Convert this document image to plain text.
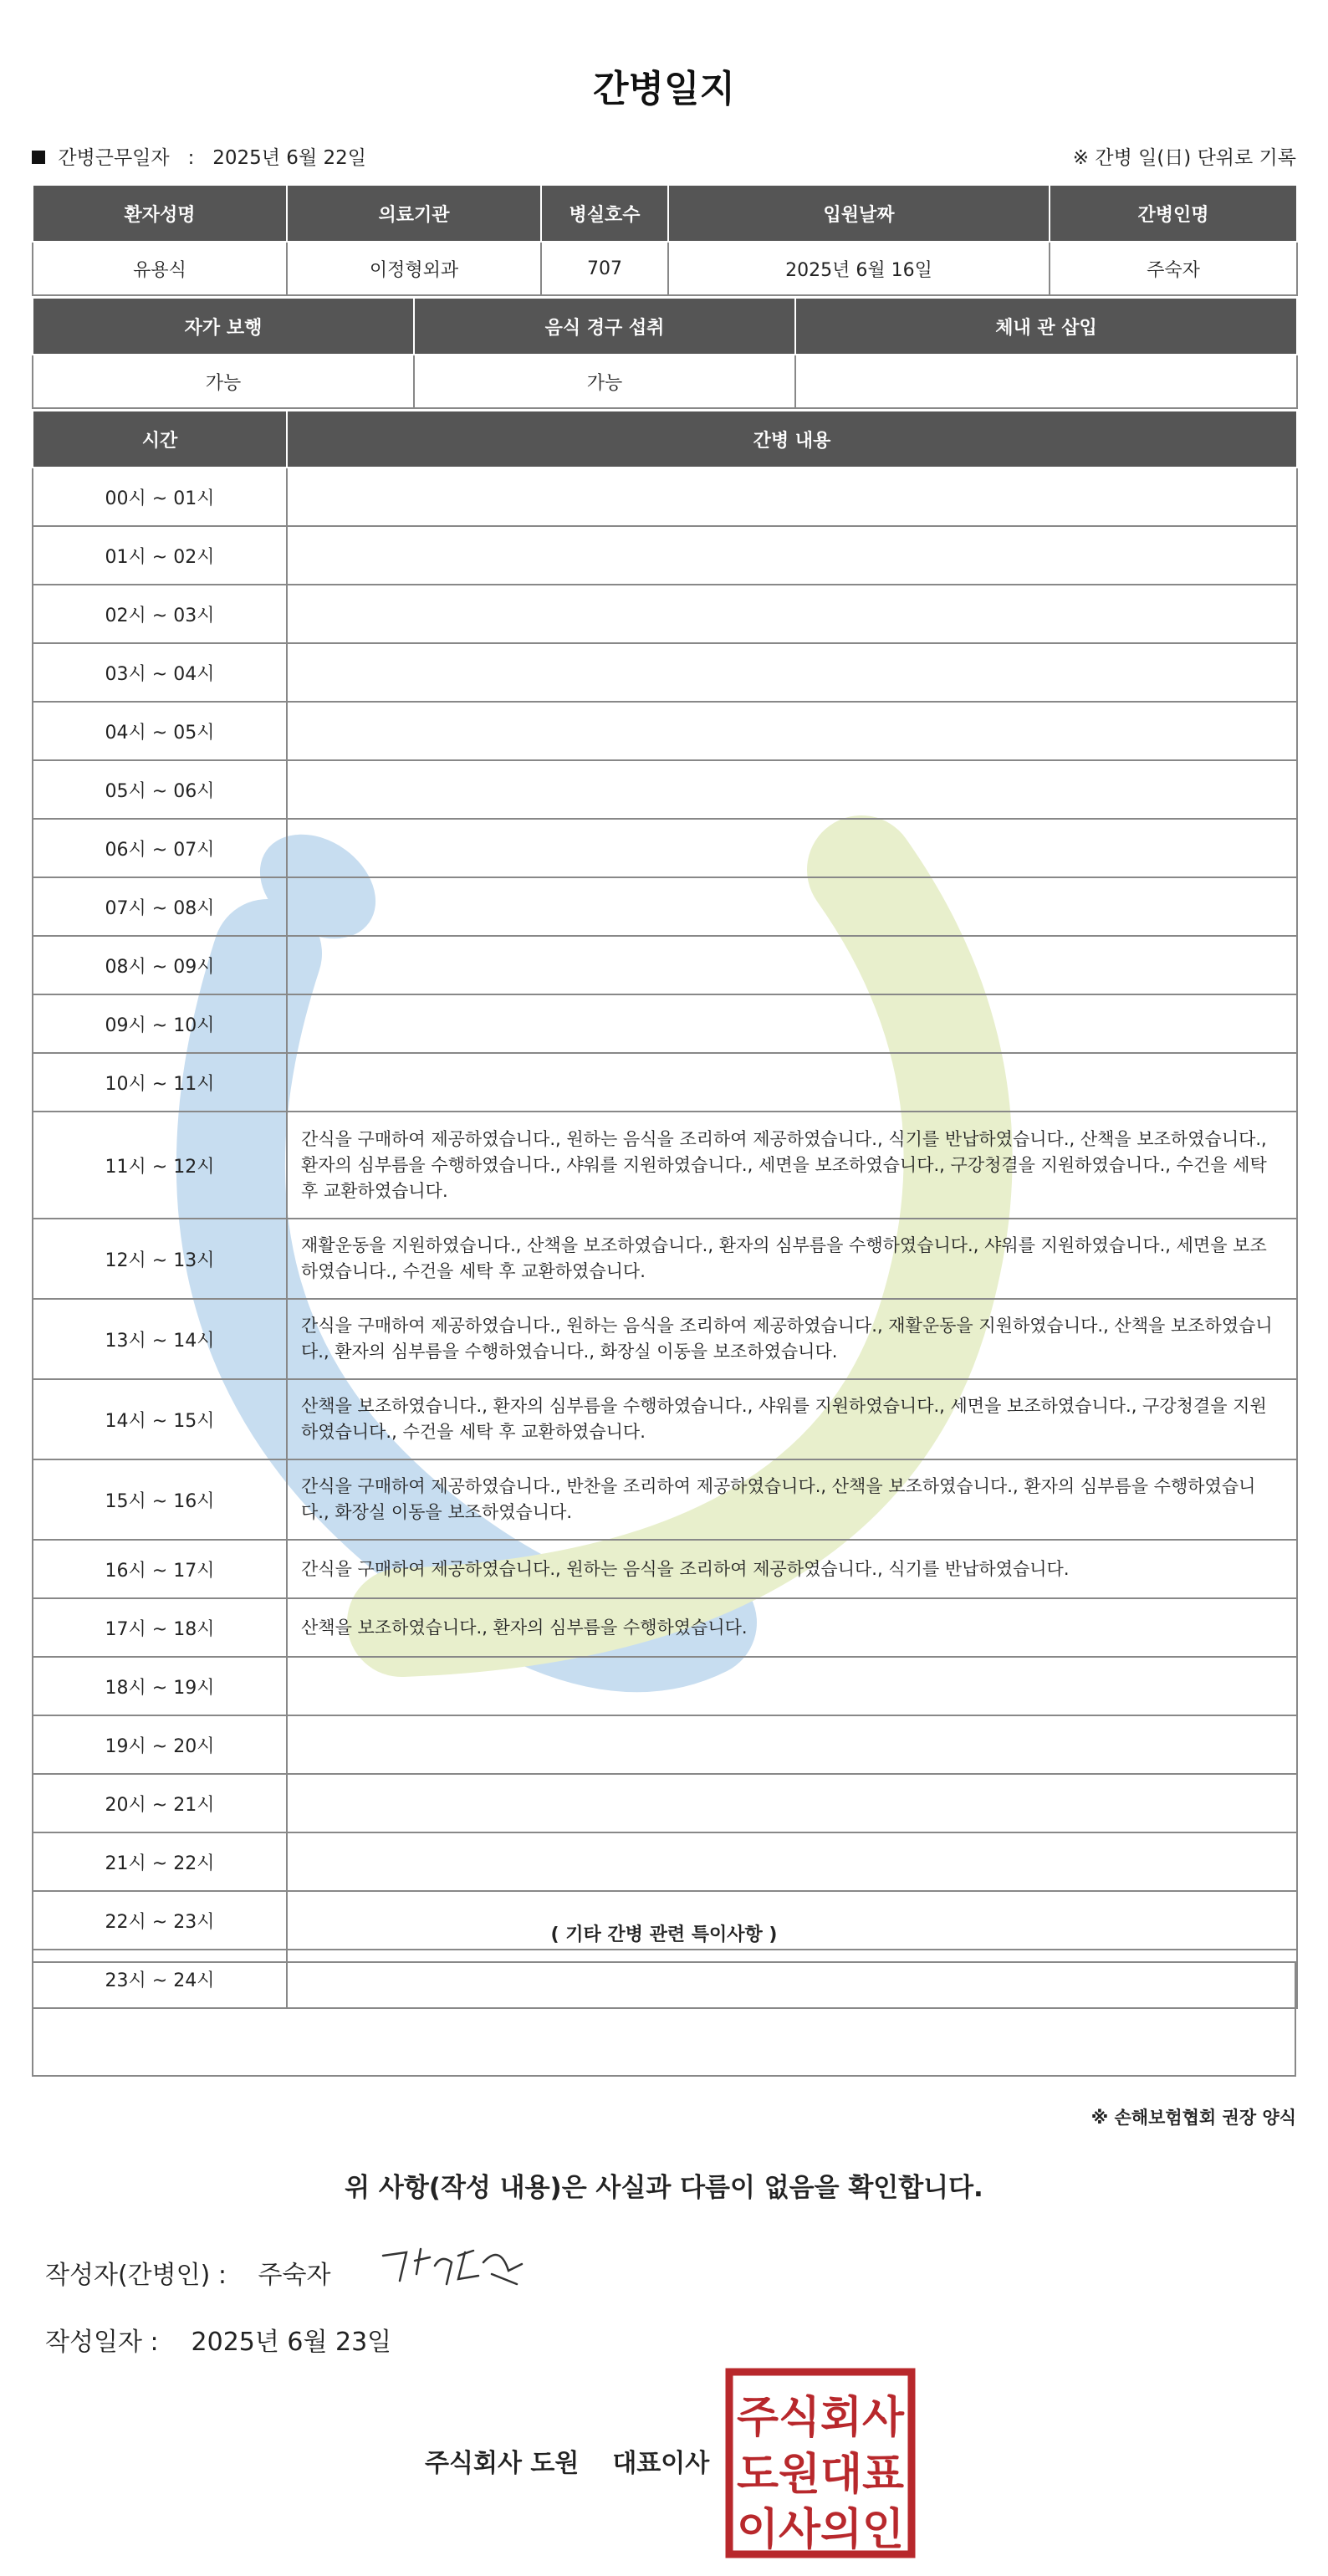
간병일지
간병근무일자 : 2025년 6월 22일	※ 간병 일(日) 단위로 기록
환자성명	의료기관	병실호수	입원날짜	간병인명
유용식	이정형외과	707	2025년 6월 16일	주숙자
자가 보행	음식 경구 섭취	체내 관 삽입
가능	가능	
시간	간병 내용
00시 ~ 01시	
01시 ~ 02시	
02시 ~ 03시	
03시 ~ 04시	
04시 ~ 05시	
05시 ~ 06시	
06시 ~ 07시	
07시 ~ 08시	
08시 ~ 09시	
09시 ~ 10시	
10시 ~ 11시	
11시 ~ 12시	간식을 구매하여 제공하였습니다., 원하는 음식을 조리하여 제공하였습니다., 식기를 반납하였습니다., 산책을 보조하였습니다., 환자의 심부름을 수행하였습니다., 샤워를 지원하였습니다., 세면을 보조하였습니다., 구강청결을 지원하였습니다., 수건을 세탁 후 교환하였습니다.
12시 ~ 13시	재활운동을 지원하였습니다., 산책을 보조하였습니다., 환자의 심부름을 수행하였습니다., 샤워를 지원하였습니다., 세면을 보조하였습니다., 수건을 세탁 후 교환하였습니다.
13시 ~ 14시	간식을 구매하여 제공하였습니다., 원하는 음식을 조리하여 제공하였습니다., 재활운동을 지원하였습니다., 산책을 보조하였습니다., 환자의 심부름을 수행하였습니다., 화장실 이동을 보조하였습니다.
14시 ~ 15시	산책을 보조하였습니다., 환자의 심부름을 수행하였습니다., 샤워를 지원하였습니다., 세면을 보조하였습니다., 구강청결을 지원하였습니다., 수건을 세탁 후 교환하였습니다.
15시 ~ 16시	간식을 구매하여 제공하였습니다., 반찬을 조리하여 제공하였습니다., 산책을 보조하였습니다., 환자의 심부름을 수행하였습니다., 화장실 이동을 보조하였습니다.
16시 ~ 17시	간식을 구매하여 제공하였습니다., 원하는 음식을 조리하여 제공하였습니다., 식기를 반납하였습니다.
17시 ~ 18시	산책을 보조하였습니다., 환자의 심부름을 수행하였습니다.
18시 ~ 19시	
19시 ~ 20시	
20시 ~ 21시	
21시 ~ 22시	
22시 ~ 23시	
23시 ~ 24시	
( 기타 간병 관련 특이사항 )
※ 손해보험협회 권장 양식
위 사항(작성 내용)은 사실과 다름이 없음을 확인합니다.
작성자(간병인) : 주숙자
작성일자 : 2025년 6월 23일
주식회사 도원 대표이사
주식회사
도원대표
이사의인
